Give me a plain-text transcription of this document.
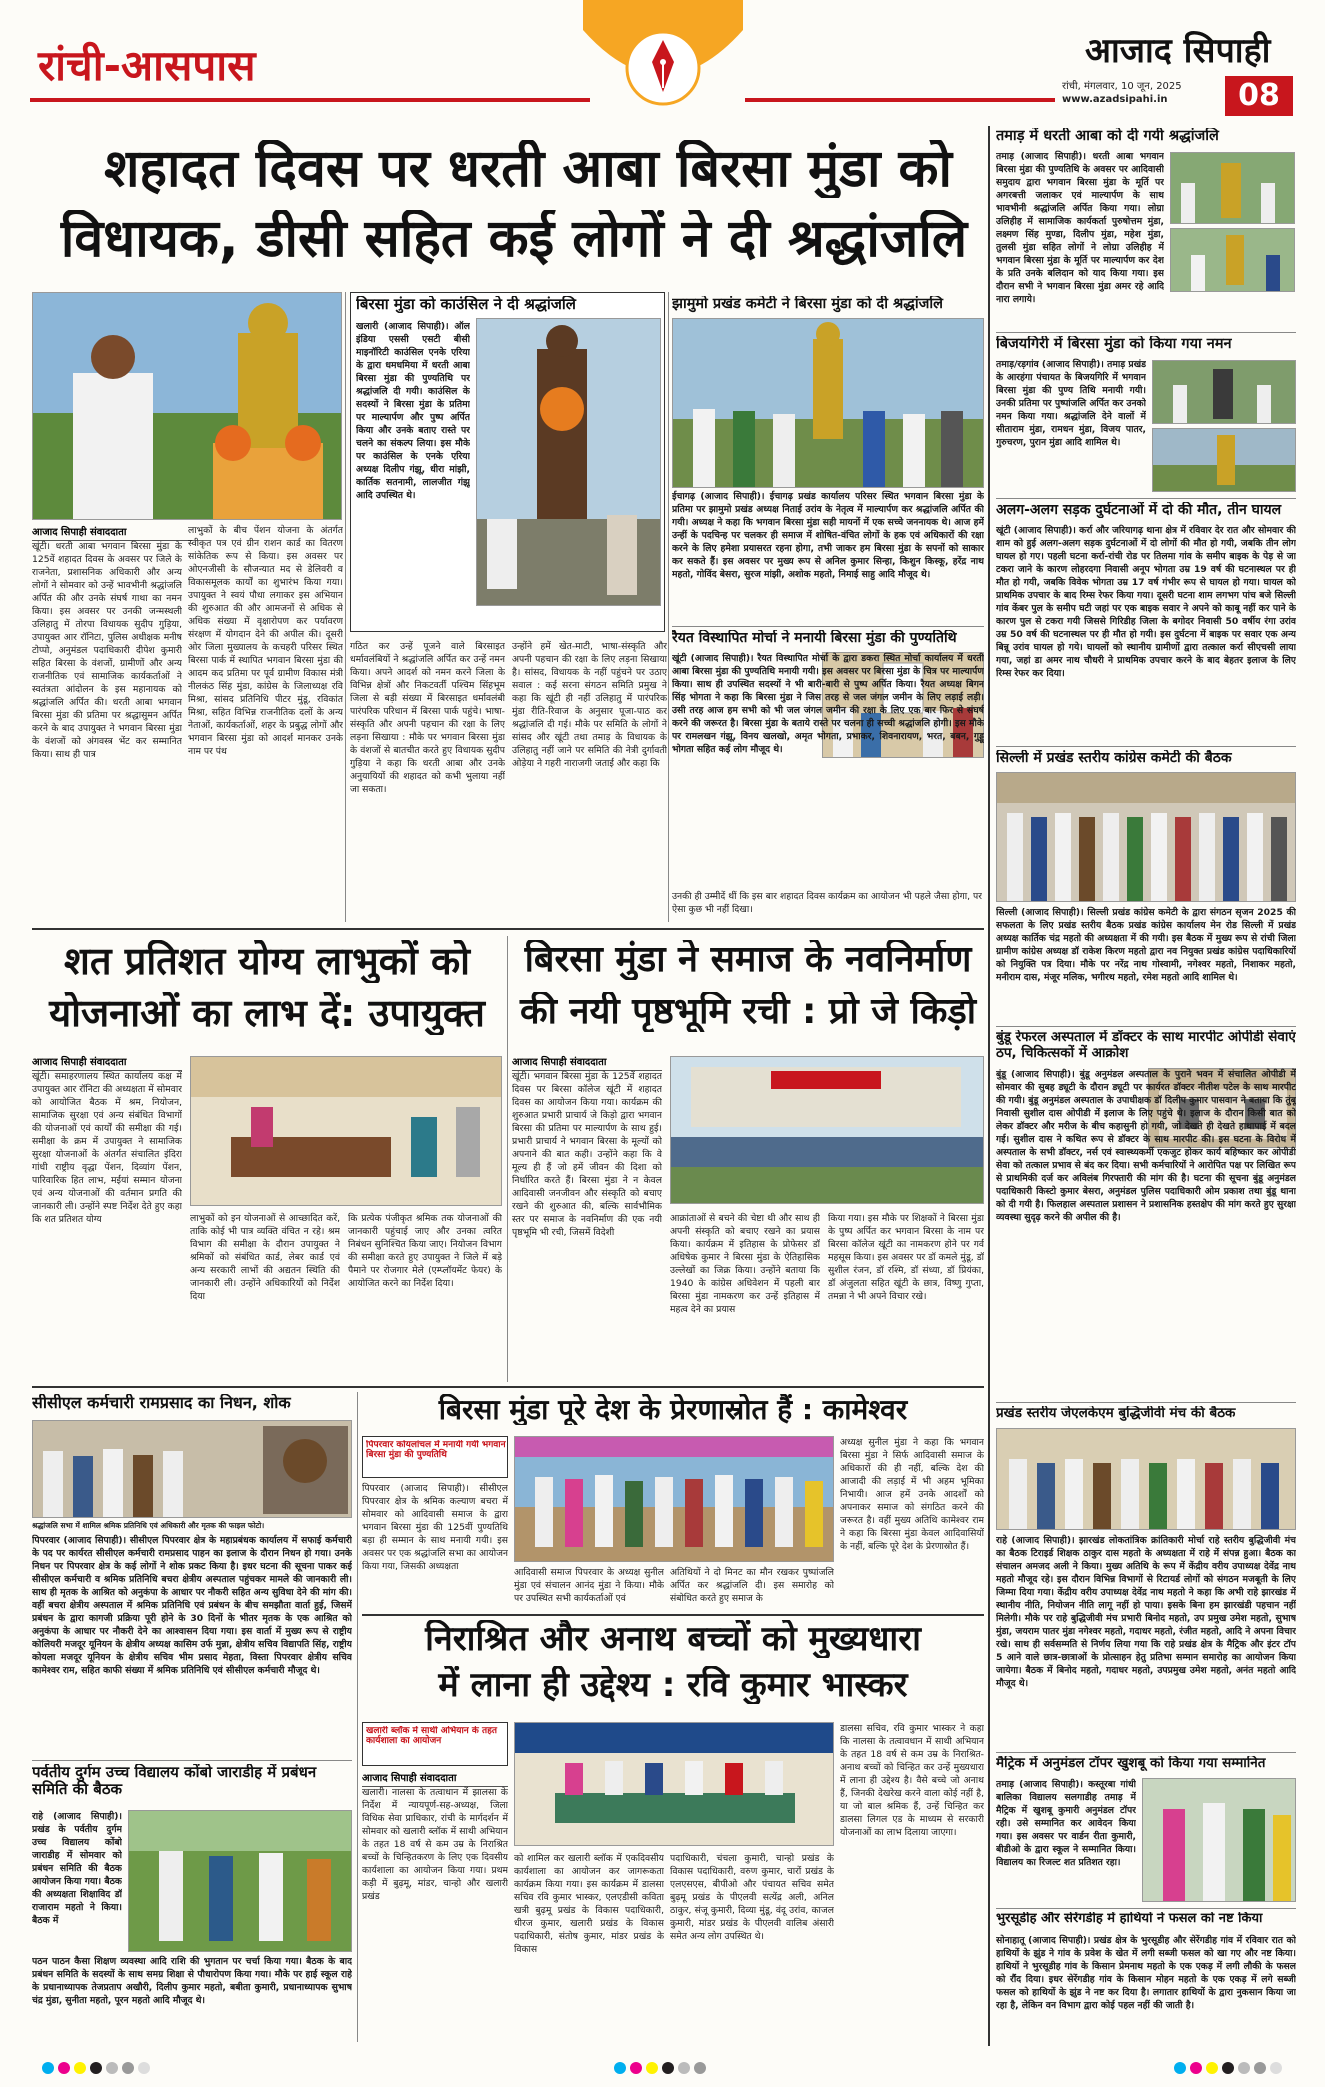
रांची-आसपास	आजाद सिपाही
रांची, मंगलवार, 10 जून, 2025
www.azadsipahi.in	08
शहादत दिवस पर धरती आबा बिरसा मुंडा को
विधायक, डीसी सहित कई लोगों ने दी श्रद्धांजलि
आजाद सिपाही संवाददाता
खूंटी। धरती आबा भगवान बिरसा मुंडा के 125वें शहादत दिवस के अवसर पर जिले के राजनेता, प्रशासनिक अधिकारी और अन्य लोगों ने सोमवार को उन्हें भावभीनी श्रद्धांजलि अर्पित की और उनके संघर्ष गाथा का नमन किया। इस अवसर पर उनकी जन्मस्थली उलिहातु में तोरपा विधायक सुदीप गुड़िया, उपायुक्त आर रॉनिटा, पुलिस अधीक्षक मनीष टोप्पो, अनुमंडल पदाधिकारी दीपेश कुमारी सहित बिरसा के वंशजों, ग्रामीणों और अन्य राजनीतिक एवं सामाजिक कार्यकर्ताओं ने स्वतंत्रता आंदोलन के इस महानायक को श्रद्धांजलि अर्पित की। धरती आबा भगवान बिरसा मुंडा की प्रतिमा पर श्रद्धासुमन अर्पित करने के बाद उपायुक्त ने भगवान बिरसा मुंडा के वंशजों को अंगवस्त्र भेंट कर सम्मानित किया। साथ ही पात्र
लाभुकों के बीच पेंशन योजना के अंतर्गत स्वीकृत पत्र एवं ग्रीन राशन कार्ड का वितरण सांकेतिक रूप से किया। इस अवसर पर ओएनजीसी के सौजन्यात मद से डेलिवरी व विकासमूलक कार्यों का शुभारंभ किया गया। उपायुक्त ने स्वयं पौधा लगाकर इस अभियान की शुरुआत की और आमजनों से अधिक से अधिक संख्या में वृक्षारोपण कर पर्यावरण संरक्षण में योगदान देने की अपील की। दूसरी ओर जिला मुख्यालय के कचहरी परिसर स्थित बिरसा पार्क में स्थापित भगवान बिरसा मुंडा की आदम कद प्रतिमा पर पूर्व ग्रामीण विकास मंत्री नीलकंठ सिंह मुंडा, कांग्रेस के जिलाध्यक्ष रवि मिश्रा, सांसद प्रतिनिधि पीटर मुंडू, रविकांत मिश्रा, सहित विभिन्न राजनीतिक दलों के अन्य नेताओं, कार्यकर्ताओं, शहर के प्रबुद्ध लोगों और भगवान बिरसा मुंडा को आदर्श मानकर उनके नाम पर पंथ
गठित कर उन्हें पूजने वाले बिरसाइत धर्मावलंबियों ने श्रद्धांजलि अर्पित कर उन्हें नमन किया। अपने आदर्श को नमन करने जिला के विभिन्न क्षेत्रों और निकटवर्ती पश्चिम सिंहभूम जिला से बड़ी संख्या में बिरसाइत धर्मावलंबी पारंपरिक परिधान में बिरसा पार्क पहुंचे। भाषा-संस्कृति और अपनी पहचान की रक्षा के लिए लड़ना सिखाया : मौके पर भगवान बिरसा मुंडा के वंशजों से बातचीत करते हुए विधायक सुदीप गुड़िया ने कहा कि धरती आबा और उनके अनुयायियों की शहादत को कभी भुलाया नहीं जा सकता।
उन्होंने हमें खेत-माटी, भाषा-संस्कृति और अपनी पहचान की रक्षा के लिए लड़ना सिखाया है। सांसद, विधायक के नहीं पहुंचने पर उठाए सवाल : कई सरना संगठन समिति प्रमुख ने कहा कि खूंटी ही नहीं उलिहातु में पारंपरिक मुंडा रीति-रिवाज के अनुसार पूजा-पाठ कर श्रद्धांजलि दी गई। मौके पर समिति के लोगों ने सांसद और खूंटी तथा तमाड़ के विधायक के उलिहातु नहीं जाने पर समिति की नेत्री दुर्गावती ओड़ेया ने गहरी नाराजगी जताई और कहा कि
उनकी ही उम्मीदें थीं कि इस बार शहादत दिवस कार्यक्रम का आयोजन भी पहले जैसा होगा, पर ऐसा कुछ भी नहीं दिखा।
बिरसा मुंडा को काउंसिल ने दी श्रद्धांजलि
खलारी (आजाद सिपाही)। ऑल इंडिया एससी एसटी बीसी माइनॉरिटी काउंसिल एनके एरिया के द्वारा धमधमिया में धरती आबा बिरसा मुंडा की पुण्यतिथि पर श्रद्धांजलि दी गयी। काउंसिल के सदस्यों ने बिरसा मुंडा के प्रतिमा पर माल्यार्पण और पुष्प अर्पित किया और उनके बताए रास्ते पर चलने का संकल्प लिया। इस मौके पर काउंसिल के एनके एरिया अध्यक्ष दिलीप गंझू, धीरा मांझी, कार्तिक सतनामी, लालजीत गंझू आदि उपस्थित थे।
झामुमो प्रखंड कमेटी ने बिरसा मुंडा को दी श्रद्धांजलि
ईचागढ़ (आजाद सिपाही)। ईचागढ़ प्रखंड कार्यालय परिसर स्थित भगवान बिरसा मुंडा के प्रतिमा पर झामुमो प्रखंड अध्यक्ष निताई उरांव के नेतृत्व में माल्यार्पण कर श्रद्धांजलि अर्पित की गयी। अध्यक्ष ने कहा कि भगवान बिरसा मुंडा सही मायनों में एक सच्चे जननायक थे। आज हमें उन्हीं के पदचिन्ह पर चलकर ही समाज में शोषित-वंचित लोगों के हक एवं अधिकारों की रक्षा करने के लिए हमेशा प्रयासरत रहना होगा, तभी जाकर हम बिरसा मुंडा के सपनों को साकार कर सकते हैं। इस अवसर पर मुख्य रूप से अनिल कुमार सिन्हा, किशुन किस्कू, हरेंद्र नाथ महतो, गोविंद बेसरा, सुरज मांझी, अशोक महतो, निमाई साहु आदि मौजूद थे।
रैयत विस्थापित मोर्चा ने मनायी बिरसा मुंडा की पुण्यतिथि
खूंटी (आजाद सिपाही)। रैयत विस्थापित मोर्चा के द्वारा डकरा स्थित मोर्चा कार्यालय में धरती आबा बिरसा मुंडा की पुण्यतिथि मनायी गयी। इस अवसर पर बिरसा मुंडा के चित्र पर माल्यार्पण किया। साथ ही उपस्थित सदस्यों ने भी बारी-बारी से पुष्प अर्पित किया। रैयत अध्यक्ष बिगन सिंह भोगता ने कहा कि बिरसा मुंडा ने जिस तरह से जल जंगल जमीन के लिए लड़ाई लड़ी। उसी तरह आज हम सभी को भी जल जंगल जमीन की रक्षा के लिए एक बार फिर से संघर्ष करने की जरूरत है। बिरसा मुंडा के बताये रास्ते पर चलना ही सच्ची श्रद्धांजलि होगी। इस मौके पर रामलखन गंझू, विनय खलखो, अमृत भोगता, प्रभाकर, शिवनारायण, भरत, बबन, गुड्डू भोगता सहित कई लोग मौजूद थे।
शत प्रतिशत योग्य लाभुकों को
योजनाओं का लाभ दें: उपायुक्त
आजाद सिपाही संवाददाता
खूंटी। समाहरणालय स्थित कार्यालय कक्ष में उपायुक्त आर रॉनिटा की अध्यक्षता में सोमवार को आयोजित बैठक में श्रम, नियोजन, सामाजिक सुरक्षा एवं अन्य संबंधित विभागों की योजनाओं एवं कार्यों की समीक्षा की गई। समीक्षा के क्रम में उपायुक्त ने सामाजिक सुरक्षा योजनाओं के अंतर्गत संचालित इंदिरा गांधी राष्ट्रीय वृद्धा पेंशन, दिव्यांग पेंशन, पारिवारिक हित लाभ, मईयां सम्मान योजना एवं अन्य योजनाओं की वर्तमान प्रगति की जानकारी ली। उन्होंने स्पष्ट निर्देश देते हुए कहा कि शत प्रतिशत योग्य	लाभुकों को इन योजनाओं से आच्छादित करें, ताकि कोई भी पात्र व्यक्ति वंचित न रहे। श्रम विभाग की समीक्षा के दौरान उपायुक्त ने श्रमिकों को संबंधित कार्ड, लेबर कार्ड एवं अन्य सरकारी लाभों की अद्यतन स्थिति की जानकारी ली। उन्होंने अधिकारियों को निर्देश दिया
कि प्रत्येक पंजीकृत श्रमिक तक योजनाओं की जानकारी पहुंचाई जाए और उनका त्वरित निबंधन सुनिश्चित किया जाए। नियोजन विभाग की समीक्षा करते हुए उपायुक्त ने जिले में बड़े पैमाने पर रोजगार मेले (एम्प्लॉयमेंट फेयर) के आयोजित करने का निर्देश दिया।
बिरसा मुंडा ने समाज के नवनिर्माण
की नयी पृष्ठभूमि रची : प्रो जे किड़ो
आजाद सिपाही संवाददाता
खूंटी। भगवान बिरसा मुंडा के 125वें शहादत दिवस पर बिरसा कॉलेज खूंटी में शहादत दिवस का आयोजन किया गया। कार्यक्रम की शुरुआत प्रभारी प्राचार्य जे किड़ो द्वारा भगवान बिरसा की प्रतिमा पर माल्यार्पण के साथ हुई। प्रभारी प्राचार्य ने भगवान बिरसा के मूल्यों को अपनाने की बात कही। उन्होंने कहा कि वे मूल्य ही हैं जो हमें जीवन की दिशा को निर्धारित करते हैं। बिरसा मुंडा ने न केवल आदिवासी जनजीवन और संस्कृति को बचाए रखने की शुरुआत की, बल्कि सार्वभौमिक स्तर पर समाज के नवनिर्माण की एक नयी पृष्ठभूमि भी रची, जिसमें विदेशी
आक्रांताओं से बचने की चेष्टा थी और साथ ही अपनी संस्कृति को बचाए रखने का प्रयास किया। कार्यक्रम में इतिहास के प्रोफेसर डॉ अधिषेक कुमार ने बिरसा मुंडा के ऐतिहासिक उल्लेखों का जिक्र किया। उन्होंने बताया कि 1940 के कांग्रेस अधिवेशन में पहली बार बिरसा मुंडा नामकरण कर उन्हें इतिहास में महत्व देने का प्रयास
किया गया। इस मौके पर शिक्षकों ने बिरसा मुंडा के पुष्प अर्पित कर भगवान बिरसा के नाम पर बिरसा कॉलेज खूंटी का नामकरण होने पर गर्व महसूस किया। इस अवसर पर डॉ कमले मुंडू, डॉ सुशील रंजन, डॉ रश्मि, डॉ संध्या, डॉ प्रियंका, डॉ अंजुलता सहित खूंटी के छात्र, विष्णु गुप्ता, तमन्ना ने भी अपने विचार रखे।
सीसीएल कर्मचारी रामप्रसाद का निधन, शोक
श्रद्धांजलि सभा में शामिल श्रमिक प्रतिनिधि एवं अधिकारी और मृतक की फाइल फोटो।
पिपरवार (आजाद सिपाही)। सीसीएल पिपरवार क्षेत्र के महाप्रबंधक कार्यालय में सफाई कर्मचारी के पद पर कार्यरत सीसीएल कर्मचारी रामप्रसाद पाहन का इलाज के दौरान निधन हो गया। उनके निधन पर पिपरवार क्षेत्र के कई लोगों ने शोक प्रकट किया है। इधर घटना की सूचना पाकर कई सीसीएल कर्मचारी व श्रमिक प्रतिनिधि बचरा क्षेत्रीय अस्पताल पहुंचकर मामले की जानकारी ली। साथ ही मृतक के आश्रित को अनुकंपा के आधार पर नौकरी सहित अन्य सुविधा देने की मांग की। वहीं बचरा क्षेत्रीय अस्पताल में श्रमिक प्रतिनिधि एवं प्रबंधन के बीच समझौता वार्ता हुई, जिसमें प्रबंधन के द्वारा कागजी प्रक्रिया पूरी होने के 30 दिनों के भीतर मृतक के एक आश्रित को अनुकंपा के आधार पर नौकरी देने का आश्वासन दिया गया। इस वार्ता में मुख्य रूप से राष्ट्रीय कोलियरी मजदूर यूनियन के क्षेत्रीय अध्यक्ष कासिम उर्फ मुन्ना, क्षेत्रीय सचिव विद्यापति सिंह, राष्ट्रीय कोयला मजदूर यूनियन के क्षेत्रीय सचिव भीम प्रसाद मेहता, विस्ता पिपरवार क्षेत्रीय सचिव कामेश्वर राम, सहित काफी संख्या में श्रमिक प्रतिनिधि एवं सीसीएल कर्मचारी मौजूद थे।
पर्वतीय दुर्गम उच्च विद्यालय कोंबो जाराडीह में प्रबंधन समिति की बैठक
राहे (आजाद सिपाही)। प्रखंड के पर्वतीय दुर्गम उच्च विद्यालय कोंबो जाराडीह में सोमवार को प्रबंधन समिति की बैठक आयोजन किया गया। बैठक की अध्यक्षता शिक्षाविद डॉ राजाराम महतो ने किया। बैठक में
पठन पाठन कैसा शिक्षण व्यवस्था आदि राशि की भुगतान पर चर्चा किया गया। बैठक के बाद प्रबंधन समिति के सदस्यों के साथ समग्र शिक्षा से पौधारोपण किया गया। मौके पर हाई स्कूल राहे के प्रधानाध्यापक तेजप्रताप अखौरी, दिलीप कुमार महतो, बबीता कुमारी, प्रधानाध्यापक सुभाष चंद्र मुंडा, सुनीता महतो, पूरन महतो आदि मौजूद थे।
बिरसा मुंडा पूरे देश के प्रेरणास्रोत हैं : कामेश्वर
पिपरवार कोयलांचल में मनायी गयी भगवान बिरसा मुंडा की पुण्यतिथि
पिपरवार (आजाद सिपाही)। सीसीएल पिपरवार क्षेत्र के श्रमिक कल्याण बचरा में सोमवार को आदिवासी समाज के द्वारा भगवान बिरसा मुंडा की 125वीं पुण्यतिथि बड़ा ही सम्मान के साथ मनायी गयी। इस अवसर पर एक श्रद्धांजलि सभा का आयोजन किया गया, जिसकी अध्यक्षता
आदिवासी समाज पिपरवार के अध्यक्ष सुनील मुंडा एवं संचालन आनंद मुंडा ने किया। मौके पर उपस्थित सभी कार्यकर्ताओं एवं
अतिथियों ने दो मिनट का मौन रखकर पुष्पांजलि अर्पित कर श्रद्धांजलि दी। इस समारोह को संबोधित करते हुए समाज के
अध्यक्ष सुनील मुंडा ने कहा कि भगवान बिरसा मुंडा ने सिर्फ आदिवासी समाज के अधिकारों की ही नहीं, बल्कि देश की आजादी की लड़ाई में भी अहम भूमिका निभायी। आज हमें उनके आदर्शों को अपनाकर समाज को संगठित करने की जरूरत है। वहीं मुख्य अतिथि कामेश्वर राम ने कहा कि बिरसा मुंडा केवल आदिवासियों के नहीं, बल्कि पूरे देश के प्रेरणास्रोत हैं।
निराश्रित और अनाथ बच्चों को मुख्यधारा
में लाना ही उद्देश्य : रवि कुमार भास्कर
खलारी ब्लॉक में साथी अभियान के तहत कार्यशाला का आयोजन
आजाद सिपाही संवाददाता
खलारी। नालसा के तत्वाधान में झालसा के निर्देश में न्यायपूर्ण-सह-अध्यक्ष, जिला विधिक सेवा प्राधिकार, रांची के मार्गदर्शन में सोमवार को खलारी ब्लॉक में साथी अभियान के तहत 18 वर्ष से कम उम्र के निराश्रित बच्चों के चिन्हितकरण के लिए एक दिवसीय कार्यशाला का आयोजन किया गया। प्रथम कड़ी में बुढ़मू, मांडर, चान्हो और खलारी प्रखंड
को शामिल कर खलारी ब्लॉक में एकदिवसीय कार्यशाला का आयोजन कर जागरूकता कार्यक्रम किया गया। इस कार्यक्रम में डालसा सचिव रवि कुमार भास्कर, एलएडीसी कविता खत्री बुढ़मू प्रखंड के विकास पदाधिकारी, धीरज कुमार, खलारी प्रखंड के विकास पदाधिकारी, संतोष कुमार, मांडर प्रखंड के विकास
पदाधिकारी, चंचला कुमारी, चान्हो प्रखंड के विकास पदाधिकारी, वरुण कुमार, चारों प्रखंड के एलएसएस, बीपीओ और पंचायत सचिव समेत बुढ़मू प्रखंड के पीएलवी सत्येंद्र अली, अनिल ठाकुर, संजू कुमारी, दिव्या मुंडू, वंदू उरांव, काजल कुमारी, मांडर प्रखंड के पीएलवी वालिब अंसारी समेत अन्य लोग उपस्थित थे।
डालसा सचिव, रवि कुमार भास्कर ने कहा कि नालसा के तत्वावधान में साथी अभियान के तहत 18 वर्ष से कम उम्र के निराश्रित-अनाथ बच्चों को चिन्हित कर उन्हें मुख्यधारा में लाना ही उद्देश्य है। वैसे बच्चे जो अनाथ हैं, जिनकी देखरेख करने वाला कोई नहीं है, या जो बाल श्रमिक हैं, उन्हें चिन्हित कर डालसा लिगल एड के माध्यम से सरकारी योजनाओं का लाभ दिलाया जाएगा।
तमाड़ में धरती आबा को दी गयी श्रद्धांजलि
तमाड़ (आजाद सिपाही)। धरती आबा भगवान बिरसा मुंडा की पुण्यतिथि के अवसर पर आदिवासी समुदाय द्वारा भगवान बिरसा मुंडा के मूर्ति पर अगरबत्ती जलाकर एवं माल्यार्पण के साथ भावभीनी श्रद्धांजलि अर्पित किया गया। लोग्रा उलिहीह में सामाजिक कार्यकर्ता पुरुषोत्तम मुंडा, लक्ष्मण सिंह मुण्डा, दिलीप मुंडा, महेश मुंडा, तुलसी मुंडा सहित लोगों ने लोग्रा उलिहीह में भगवान बिरसा मुंडा के मूर्ति पर माल्यार्पण कर देश के प्रति उनके बलिदान को याद किया गया। इस दौरान सभी ने भगवान बिरसा मुंडा अमर रहे आदि नारा लगाये।
बिजयगिरी में बिरसा मुंडा को किया गया नमन
तमाड़/रड़गांव (आजाद सिपाही)। तमाड़ प्रखंड के आरहंगा पंचायत के बिजयगिरि में भगवान बिरसा मुंडा की पुण्य तिथि मनायी गयी। उनकी प्रतिमा पर पुष्पांजलि अर्पित कर उनको नमन किया गया। श्रद्धांजलि देने वालों में सीताराम मुंडा, रामधन मुंडा, विजय पातर, गुरुचरण, पुरान मुंडा आदि शामिल थे।
अलग-अलग सड़क दुर्घटनाओं में दो की मौत, तीन घायल
खूंटी (आजाद सिपाही)। कर्रा और जरियागढ़ थाना क्षेत्र में रविवार देर रात और सोमवार की शाम को हुई अलग-अलग सड़क दुर्घटनाओं में दो लोगों की मौत हो गयी, जबकि तीन लोग घायल हो गए। पहली घटना कर्रा-रांची रोड पर तिलमा गांव के समीप बाइक के पेड़ से जा टकरा जाने के कारण लोहरदगा निवासी अनूप भोगता उम्र 19 वर्ष की घटनास्थल पर ही मौत हो गयी, जबकि विवेक भोगता उम्र 17 वर्ष गंभीर रूप से घायल हो गया। घायल को प्राथमिक उपचार के बाद रिम्स रेफर किया गया। दूसरी घटना शाम लगभग पांच बजे सिल्ली गांव केंबर पुल के समीप घटी जहां पर एक बाइक सवार ने अपने को काबू नहीं कर पाने के कारण पुल से टकरा गयी जिससे गिरिडीह जिला के बगोदर निवासी 50 वर्षीय रंगा उरांव उम्र 50 वर्ष की घटनास्थल पर ही मौत हो गयी। इस दुर्घटना में बाइक पर सवार एक अन्य बिन्नू उरांव घायल हो गये। घायलों को स्थानीय ग्रामीणों द्वारा तत्काल कर्रा सीएचसी लाया गया, जहां डा अमर नाथ चौधरी ने प्राथमिक उपचार करने के बाद बेहतर इलाज के लिए रिम्स रेफर कर दिया।
सिल्ली में प्रखंड स्तरीय कांग्रेस कमेटी की बैठक
सिल्ली (आजाद सिपाही)। सिल्ली प्रखंड कांग्रेस कमेटी के द्वारा संगठन सृजन 2025 की सफलता के लिए प्रखंड स्तरीय बैठक प्रखंड कांग्रेस कार्यालय मेन रोड सिल्ली में प्रखंड अध्यक्ष कार्तिक चंद्र महतो की अध्यक्षता में की गयी। इस बैठक में मुख्य रूप से रांची जिला ग्रामीण कांग्रेस अध्यक्ष डॉ राकेश किरण महतो द्वारा नव नियुक्त प्रखंड कांग्रेस पदाधिकारियों को नियुक्ति पत्र दिया। मौके पर नरेंद्र नाथ गोस्वामी, नगेश्वर महतो, निशाकर महतो, मनीराम दास, मंजूर मलिक, भगीरथ महतो, रमेश महतो आदि शामिल थे।
बुंडू रेफरल अस्पताल में डॉक्टर के साथ मारपीट ओपीडी सेवाएं ठप, चिकित्सकों में आक्रोश
बुंडू (आजाद सिपाही)। बुंडू अनुमंडल अस्पताल के पुराने भवन में संचालित ओपीडी में सोमवार की सुबह ड्यूटी के दौरान ड्यूटी पर कार्यरत डॉक्टर नीतीश पटेल के साथ मारपीट की गयी। बुंडू अनुमंडल अस्पताल के उपाधीक्षक डॉ दिलीप कुमार पासवान ने बताया कि तुंबू निवासी सुशील दास ओपीडी में इलाज के लिए पहुंचे थे। इलाज के दौरान किसी बात को लेकर डॉक्टर और मरीज के बीच कहासुनी हो गयी, जो देखते ही देखते हाथापाई में बदल गई। सुशील दास ने कथित रूप से डॉक्टर के साथ मारपीट की। इस घटना के विरोध में अस्पताल के सभी डॉक्टर, नर्स एवं स्वास्थ्यकर्मी एकजुट होकर कार्य बहिष्कार कर ओपीडी सेवा को तत्काल प्रभाव से बंद कर दिया। सभी कर्मचारियों ने आरोपित पक्ष पर लिखित रूप से प्राथमिकी दर्ज कर अविलंब गिरफ्तारी की मांग की है। घटना की सूचना बुंडू अनुमंडल पदाधिकारी किस्टो कुमार बेसरा, अनुमंडल पुलिस पदाधिकारी ओम प्रकाश तथा बुंडू थाना को दी गयी है। फिलहाल अस्पताल प्रशासन ने प्रशासनिक हस्तक्षेप की मांग करते हुए सुरक्षा व्यवस्था सुदृढ़ करने की अपील की है।
प्रखंड स्तरीय जेएलकेएम बुद्धिजीवी मंच की बैठक
राहे (आजाद सिपाही)। झारखंड लोकतांत्रिक क्रांतिकारी मोर्चा राहे स्तरीय बुद्धिजीवी मंच का बैठक टिराइर्ड शिक्षक ठाकुर दास महतो के अध्यक्षता में राहे में संपन्न हुआ। बैठक का संचालन अमजद अली ने किया। मुख्य अतिथि के रूप में केंद्रीय वरीय उपाध्यक्ष देवेंद्र नाथ महतो मौजूद रहे। इस दौरान विभिन्न विभागों से रिटायर्ड लोगों को संगठन मजबूती के लिए जिम्मा दिया गया। केंद्रीय वरीय उपाध्यक्ष देवेंद्र नाथ महतो ने कहा कि अभी राहे झारखंड में स्थानीय नीति, नियोजन नीति लागू नहीं हो पाया। इसके बिना हम झारखंडी पहचान नहीं मिलेगी। मौके पर राहे बुद्धिजीवी मंच प्रभारी बिनोद महतो, उप प्रमुख उमेश महतो, सुभाष मुंडा, जयराम पातर मुंडा नगेश्वर महतो, गदाधर महतो, रंजीत महतो, आदि ने अपना विचार रखे। साथ ही सर्वसम्मति से निर्णय लिया गया कि राहे प्रखंड क्षेत्र के मैट्रिक और इंटर टॉप 5 आने वाले छात्र-छात्राओं के प्रोत्साहन हेतु प्रतिभा सम्मान समारोह का आयोजन किया जायेगा। बैठक में बिनोद महतो, गदाधर महतो, उपप्रमुख उमेश महतो, अनंत महतो आदि मौजूद थे।
मैट्रिक में अनुमंडल टॉपर खुशबू को किया गया सम्मानित
तमाड़ (आजाद सिपाही)। कस्तूरबा गांधी बालिका विद्यालय सलगाडीह तमाड़ में मैट्रिक में खुशबू कुमारी अनुमंडल टॉपर रही। उसे सम्मानित कर आवेदन किया गया। इस अवसर पर वार्डन रीता कुमारी, बीडीओ के द्वारा स्कूल ने सम्मानित किया। विद्यालय का रिजल्ट शत प्रतिशत रहा।
भुरसूडीह और सेरेंगडीह में हाथियों ने फसल को नष्ट किया
सोनाहातू (आजाद सिपाही)। प्रखंड क्षेत्र के भुरसूडीह और सेरेंगडीह गांव में रविवार रात को हाथियों के झुंड ने गांव के प्रवेश के खेत में लगी सब्जी फसल को खा गए और नष्ट किया। हाथियों ने भुरसूडीह गांव के किसान प्रेमनाथ महतो के एक एकड़ में लगी लौकी के फसल को रौंद दिया। इधर सेरेंगडीह गांव के किसान मोहन महतो के एक एकड़ में लगे सब्जी फसल को हाथियों के झुंड ने नष्ट कर दिया है। लगातार हाथियों के द्वारा नुकसान किया जा रहा है, लेकिन वन विभाग द्वारा कोई पहल नहीं की जाती है।
